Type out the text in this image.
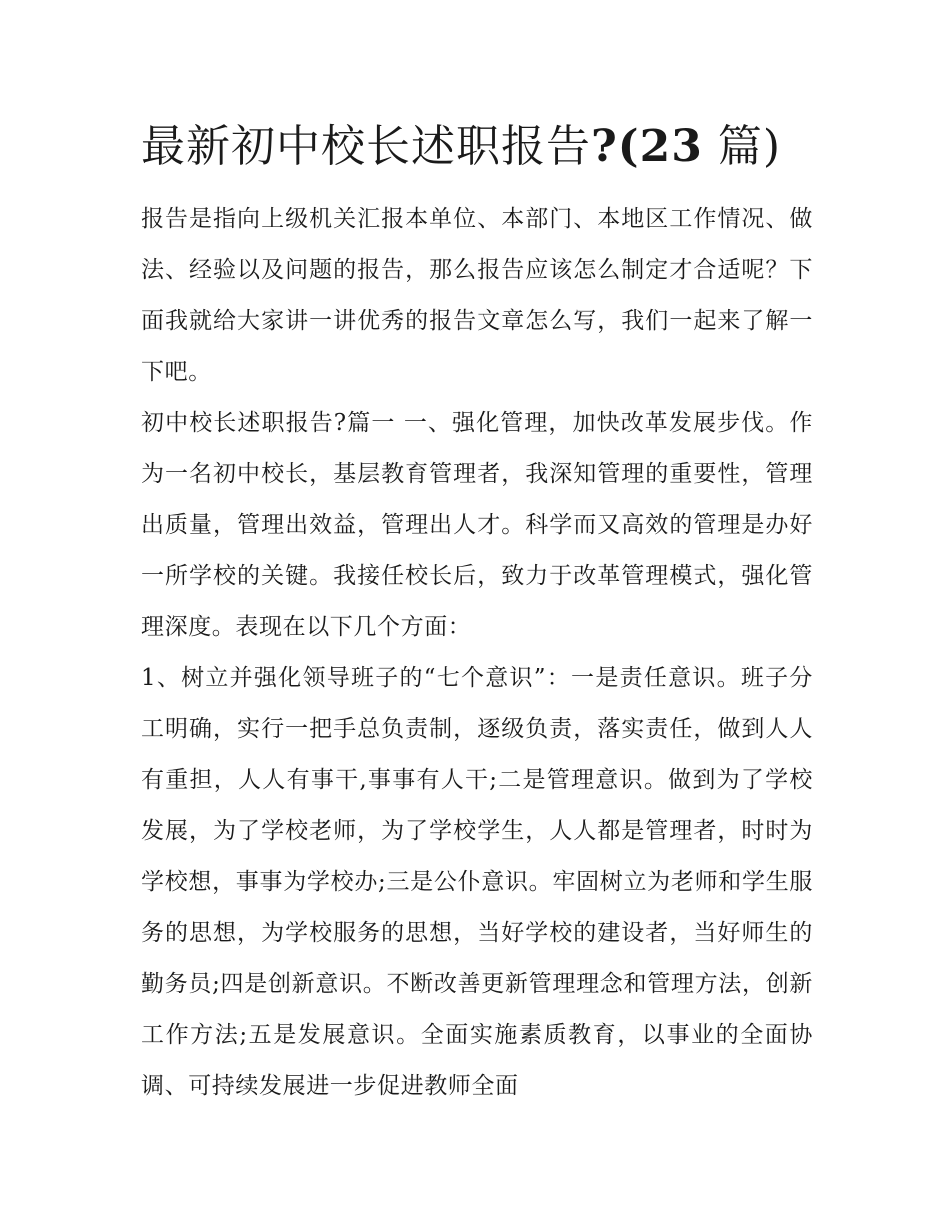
最新初中校长述职报告?(23 篇)

报告是指向上级机关汇报本单位、本部门、本地区工作情况、做法、经验以及问题的报告，那么报告应该怎么制定才合适呢？下面我就给大家讲一讲优秀的报告文章怎么写，我们一起来了解一下吧。

初中校长述职报告?篇一 一、强化管理，加快改革发展步伐。作为一名初中校长，基层教育管理者，我深知管理的重要性，管理出质量，管理出效益，管理出人才。科学而又高效的管理是办好一所学校的关键。我接任校长后，致力于改革管理模式，强化管理深度。表现在以下几个方面：

1、树立并强化领导班子的“七个意识”：一是责任意识。班子分工明确，实行一把手总负责制，逐级负责，落实责任，做到人人有重担，人人有事干,事事有人干;二是管理意识。做到为了学校发展，为了学校老师，为了学校学生，人人都是管理者，时时为学校想，事事为学校办;三是公仆意识。牢固树立为老师和学生服务的思想，为学校服务的思想，当好学校的建设者，当好师生的勤务员;四是创新意识。不断改善更新管理理念和管理方法，创新工作方法;五是发展意识。全面实施素质教育，以事业的全面协调、可持续发展进一步促进教师全面
